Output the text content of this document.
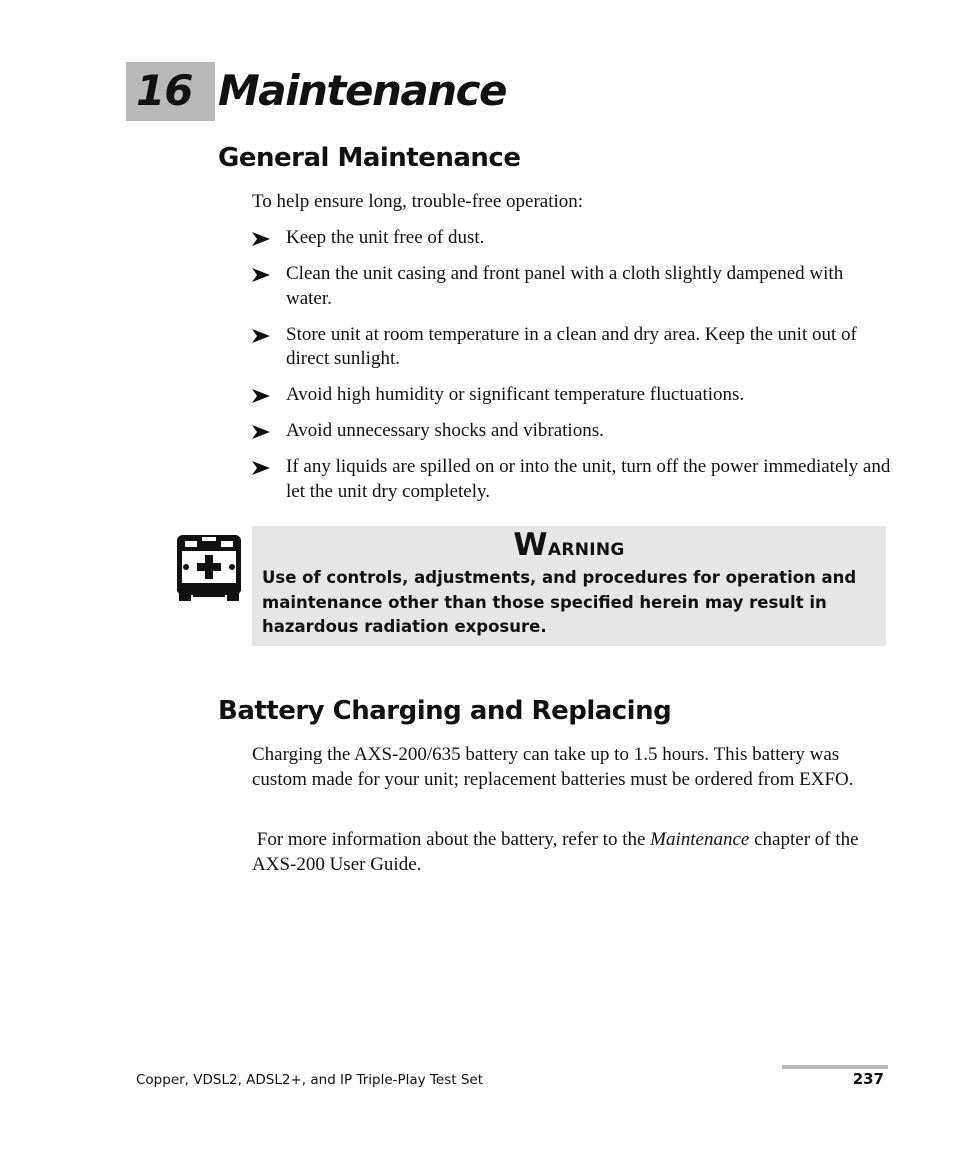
16 Maintenance
General Maintenance
To help ensure long, trouble-free operation:
Keep the unit free of dust.
Clean the unit casing and front panel with a cloth slightly dampened with water.
Store unit at room temperature in a clean and dry area. Keep the unit out of direct sunlight.
Avoid high humidity or significant temperature fluctuations.
Avoid unnecessary shocks and vibrations.
If any liquids are spilled on or into the unit, turn off the power immediately and let the unit dry completely.
Warning
Use of controls, adjustments, and procedures for operation and maintenance other than those specified herein may result in hazardous radiation exposure.
Battery Charging and Replacing
Charging the AXS-200/635 battery can take up to 1.5 hours. This battery was custom made for your unit; replacement batteries must be ordered from EXFO.
For more information about the battery, refer to the Maintenance chapter of the AXS-200 User Guide.
Copper, VDSL2, ADSL2+, and IP Triple-Play Test Set	237
